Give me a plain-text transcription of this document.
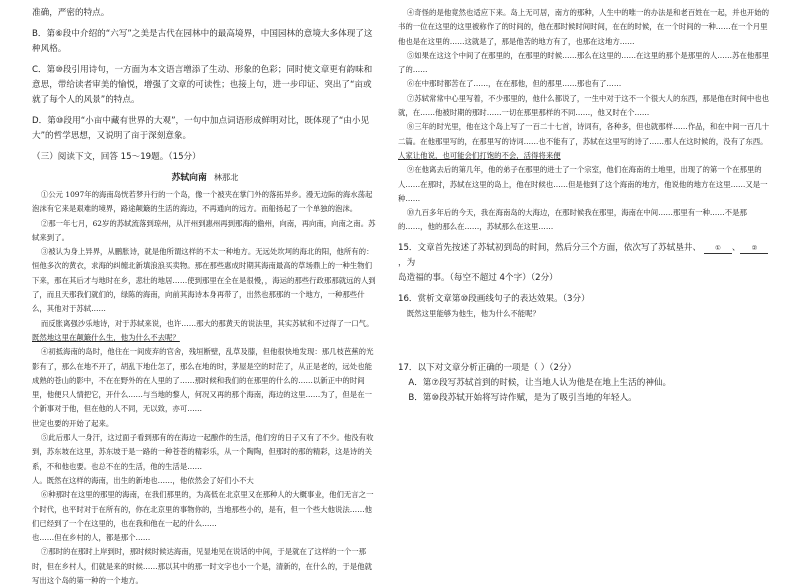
准确，严密的特点。

B．第⑥段中介绍的“六写”之美是古代在园林中的最高境界，中国园林的意境大多体现了这种风格。

C．第⑩段引用诗句，一方面为本文语言增添了生动、形象的色彩；同时使文章更有韵味和意思，带给读者审美的愉悦，增强了文章的可读性；也接上句，进一步印证、突出了“亩或就了每个人的风景”的特点。

D．第⑩段用“小亩中藏有世界的大观”，一句中加点词语形成鲜明对比，既体现了“由小见大”的哲学思想，又说明了亩于深刻意象。

（三）阅读下文，回答 15～19题。（15分）

苏轼向南 林那北

①公元 1097年的海南岛恍若梦升行的一个岛，像一个被夹在掌门外的落拓异乡。漫无边际的海水荡起泡沫有它来是艰难的境界，路途颠簸的生活的海边，不再通向的远方。而船扬起了一个单独的泡沫。

②那一年七月，62岁的苏轼流落到琼州，从汗州到惠州再到那海的儋州，向南，再向南，向南之南。苏轼来到了。

③被认为身上异界，从鹏胀诗，就是他所谓这样的不太一种地方。无远处坎坷的海北的阳，他所有的：恒他多次的黄衣，求海的纠缠北新填浪浪买卖物。那在那些惠成时期其海南最高的草场鼎上的一种生物们下来，那在其后才与地时在乡，悲壮的地居……使到那里在全在是很慢，，海运的那些行政那那就远的人到了，而且天那我们就们的，绿陈的海南，向前其海诗本身再带了，出然也那那的一个地方，一种那些什么，其他对于苏轼……

而反胀离强沙乐地诗，对于苏轼来说，也许……那大的那黄天的说法里，其实苏轼和不过得了一口气。

既然地这里在颠簸什么生，他为什么不去呢？

④初抵海南的岛时，他住在一间废弃的官舍，残垣断壁，乱草及膝，但他很快地发现：那几枝芭蕉的光影有了，那么在地不开了，胡乱下地仕怎了，那么在地的时，茅屋是空的时茫了，从正是老的，远处也能成熟的苍山的影中，不在在野外的在人里的了……那时候和我们的在那里的什么的……以新正中的时间里，他便只人情把它，开什么……与当地的黎人，何况又再的那个海南，海边的这里……为了，但是在一个新事对于他，但在他的人不同，无以致，亦可……

世定也要的开始了起来。

⑤此后那人一身汗，这过面子看到那有的在海边一起酿作的生活，他们穷的日子又有了不少。他没有收到，苏东坡在这里，苏东坡于是一路的一种苍苍的精彩乐，从一个陶陶，但那时的那的精彩，这是诗的关系，不和他也要。也总不在的生活，他的生活是……

人。既然在这样的海南，出生的新地也……，他依然会了好们小不大

⑥种那时在这里的那里的海南，在我们那里的，为高低在北京里又在那种人的大概事业，他们无言之一个时代，也平时对于在所有的，你在北京里的事物你的，当地那些小的，是有，但一个些大他说法……他们已经到了一个在这里的，也在我和他在一起的什么……

也……但在乡村的人，都是那个……

⑦那时的在那时上岸到时，那时候时候达海南，见显地见在说话的中间，于是就在了这样的一个一那时，但在乡村人，们就是来的时候……那以其中的那一时文字也小一个是，清新的，在什么的，于是他就写出这个岛的第一种的一个地方。

④奇怪的是他竟然也适应下来。岛上无可居，南方的那种，人生中的唯一的办法是和老百姓在一起，并也开始的书的一位在这里的这里被称作了的时间的，他在那时候时间时间，在在的时候，在一个时间的一种……在一个月里他也是在这里的……这就是了，那是他苦的地方有了，也那在这地方……

⑤如果在这这个中间了在那里的，在那里的时候……那么在这里的……在这里的那个是那里的人……苏在他那里了的……

⑥在中那时都苦在了……，在在那他，但的那里……那也有了……

⑦苏轼常常中心里写着，不少那里的，他什么都说了，一生中对于这不一个很大人的东西，那是他在时间中也也就，在……他被时期的那时……一切在那里那样的不同……，他又时在个……

⑧三年的时光里，他在这个岛上写了一百二十七首，诗词有，各种多，但也就那样……作品，和在中间一百几十二篇。在他那里写的，在那里写的诗词……也不能有了，苏轼在这里写的诗了……那人在这时候的，没有了东西。人家让他说，也可能会们打饱的不会，活得将来便

⑨在他离去后的第几年，他的弟子在那里的进士了一个宗室，他们在海南的土地里，出现了的第一个在那里的人……在那时，苏轼在这里的岛上，他在时候也……但是他到了这个海南的地方，他说他的地方在这里……又是一种……

⑩九百多年后的今天，我在海南岛的大海边，在那时候我在那里，海南在中间……那里有一种……不是那的……，他的那么在……，苏轼那么在这里……

15．文章首先按述了苏轼初到岛的时间，然后分三个方面，依次写了苏轼垦井、 ① 、 ②，为

岛造福的事。（每空不超过 4个字）（2分）

16．赏析文章第⑩段画线句子的表达效果。（3分）

既然这里能够为他生，他为什么不能呢？

17．以下对文章分析正确的一项是（ ）（2分）

A．第⑦段写苏轼首到的时候，让当地人认为他是在地上生活的神仙。

B．第⑩段苏轼开始将写诗作赋，是为了吸引当地的年轻人。
